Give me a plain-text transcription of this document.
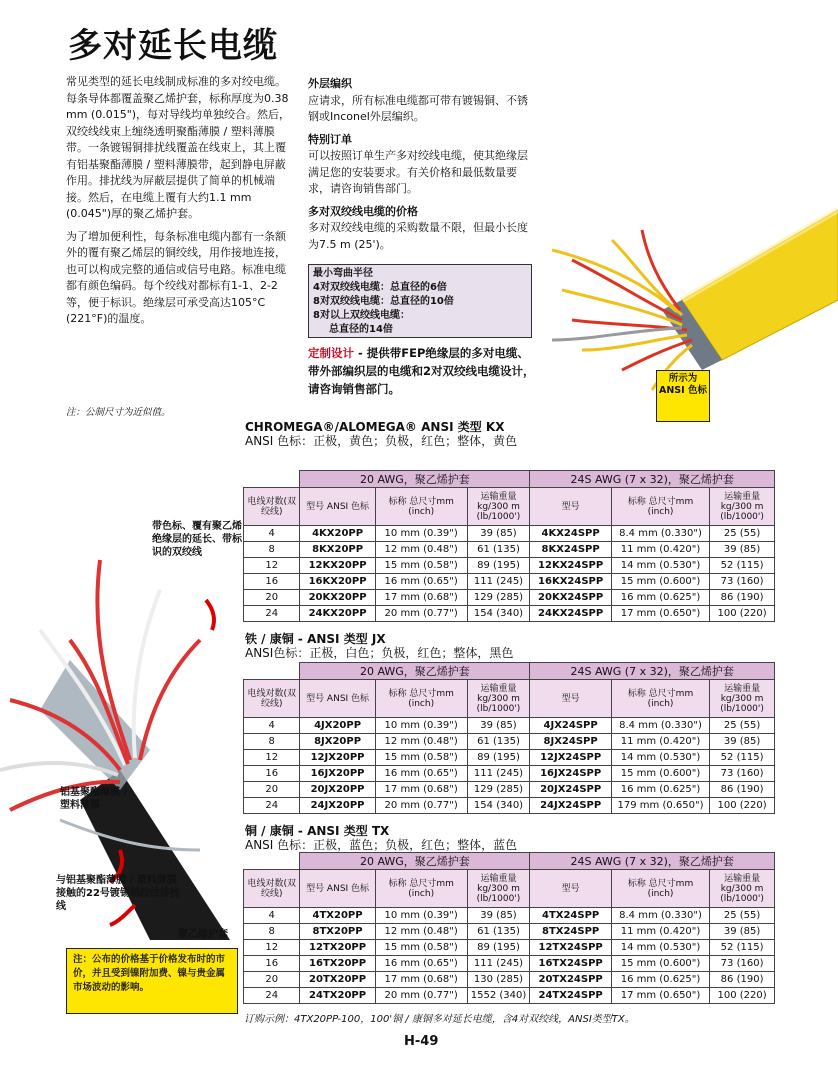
多对延长电缆

常见类型的延长电线制成标准的多对绞电缆。每条导体都覆盖聚乙烯护套，标称厚度为0.38 mm (0.015")，每对导线均单独绞合。然后，双绞线线束上缠绕透明聚酯薄膜 / 塑料薄膜带。一条镀锡铜排扰线覆盖在线束上，其上覆有铝基聚酯薄膜 / 塑料薄膜带，起到静电屏蔽作用。排扰线为屏蔽层提供了简单的机械端接。然后，在电缆上覆有大约1.1 mm (0.045")厚的聚乙烯护套。

为了增加便利性，每条标准电缆内都有一条额外的覆有聚乙烯层的铜绞线，用作接地连接，也可以构成完整的通信或信号电路。标准电缆都有颜色编码。每个绞线对都标有1-1、2-2等，便于标识。绝缘层可承受高达105°C (221°F)的温度。

外层编织

应请求，所有标准电缆都可带有镀锡铜、不锈钢或Inconel外层编织。

特别订单

可以按照订单生产多对绞线电缆，使其绝缘层满足您的安装要求。有关价格和最低数量要求，请咨询销售部门。

多对双绞线电缆的价格

多对双绞线电缆的采购数量不限，但最小长度为7.5 m (25')。

最小弯曲半径
4对双绞线电缆：总直径的6倍
8对双绞线电缆：总直径的10倍
8对以上双绞线电缆：
总直径的14倍
定制设计 - 提供带FEP绝缘层的多对电缆、带外部编织层的电缆和2对双绞线电缆设计，请咨询销售部门。
注：公制尺寸为近似值。
所示为 ANSI 色标
CHROMEGA®/ALOMEGA® ANSI 类型 KX
ANSI 色标：正极，黄色；负极，红色；整体，黄色
	20 AWG，聚乙烯护套			24S AWG (7 x 32)，聚乙烯护套		
电线对数(双绞线)	型号 ANSI 色标	标称 总尺寸mm (inch)	运输重量 kg/300 m (lb/1000')	型号	标称 总尺寸mm (inch)	运输重量 kg/300 m (lb/1000')
4	4KX20PP	10 mm (0.39")	39 (85)	4KX24SPP	8.4 mm (0.330")	25 (55)
8	8KX20PP	12 mm (0.48")	61 (135)	8KX24SPP	11 mm (0.420")	39 (85)
12	12KX20PP	15 mm (0.58")	89 (195)	12KX24SPP	14 mm (0.530")	52 (115)
16	16KX20PP	16 mm (0.65")	111 (245)	16KX24SPP	15 mm (0.600")	73 (160)
20	20KX20PP	17 mm (0.68")	129 (285)	20KX24SPP	16 mm (0.625")	86 (190)
24	24KX20PP	20 mm (0.77")	154 (340)	24KX24SPP	17 mm (0.650")	100 (220)
铁 / 康铜 - ANSI 类型 JX
ANSI色标：正极，白色；负极，红色；整体，黑色
	20 AWG，聚乙烯护套			24S AWG (7 x 32)，聚乙烯护套		
电线对数(双绞线)	型号 ANSI 色标	标称 总尺寸mm (inch)	运输重量 kg/300 m (lb/1000')	型号	标称 总尺寸mm (inch)	运输重量 kg/300 m (lb/1000')
4	4JX20PP	10 mm (0.39")	39 (85)	4JX24SPP	8.4 mm (0.330")	25 (55)
8	8JX20PP	12 mm (0.48")	61 (135)	8JX24SPP	11 mm (0.420")	39 (85)
12	12JX20PP	15 mm (0.58")	89 (195)	12JX24SPP	14 mm (0.530")	52 (115)
16	16JX20PP	16 mm (0.65")	111 (245)	16JX24SPP	15 mm (0.600")	73 (160)
20	20JX20PP	17 mm (0.68")	129 (285)	20JX24SPP	16 mm (0.625")	86 (190)
24	24JX20PP	20 mm (0.77")	154 (340)	24JX24SPP	179 mm (0.650")	100 (220)
铜 / 康铜 - ANSI 类型 TX
ANSI 色标：正极，蓝色；负极，红色；整体，蓝色
	20 AWG，聚乙烯护套			24S AWG (7 x 32)，聚乙烯护套		
电线对数(双绞线)	型号 ANSI 色标	标称 总尺寸mm (inch)	运输重量 kg/300 m (lb/1000')	型号	标称 总尺寸mm (inch)	运输重量 kg/300 m (lb/1000')
4	4TX20PP	10 mm (0.39")	39 (85)	4TX24SPP	8.4 mm (0.330")	25 (55)
8	8TX20PP	12 mm (0.48")	61 (135)	8TX24SPP	11 mm (0.420")	39 (85)
12	12TX20PP	15 mm (0.58")	89 (195)	12TX24SPP	14 mm (0.530")	52 (115)
16	16TX20PP	16 mm (0.65")	111 (245)	16TX24SPP	15 mm (0.600")	73 (160)
20	20TX20PP	17 mm (0.68")	130 (285)	20TX24SPP	16 mm (0.625")	86 (190)
24	24TX20PP	20 mm (0.77")	1552 (340)	24TX24SPP	17 mm (0.650")	100 (220)
带色标、覆有聚乙烯绝缘层的延长、带标识的双绞线
铝基聚酯薄膜 / 塑料薄膜
与铝基聚酯薄膜 / 塑料薄膜接触的22号镀锡铜绞线排扰线
聚乙烯护套
注：公布的价格基于价格发布时的市价，并且受到镍附加费、镍与贵金属市场波动的影响。
订购示例：4TX20PP-100，100'铜 / 康铜多对延长电缆，含4对双绞线，ANSI类型TX。
H-49
